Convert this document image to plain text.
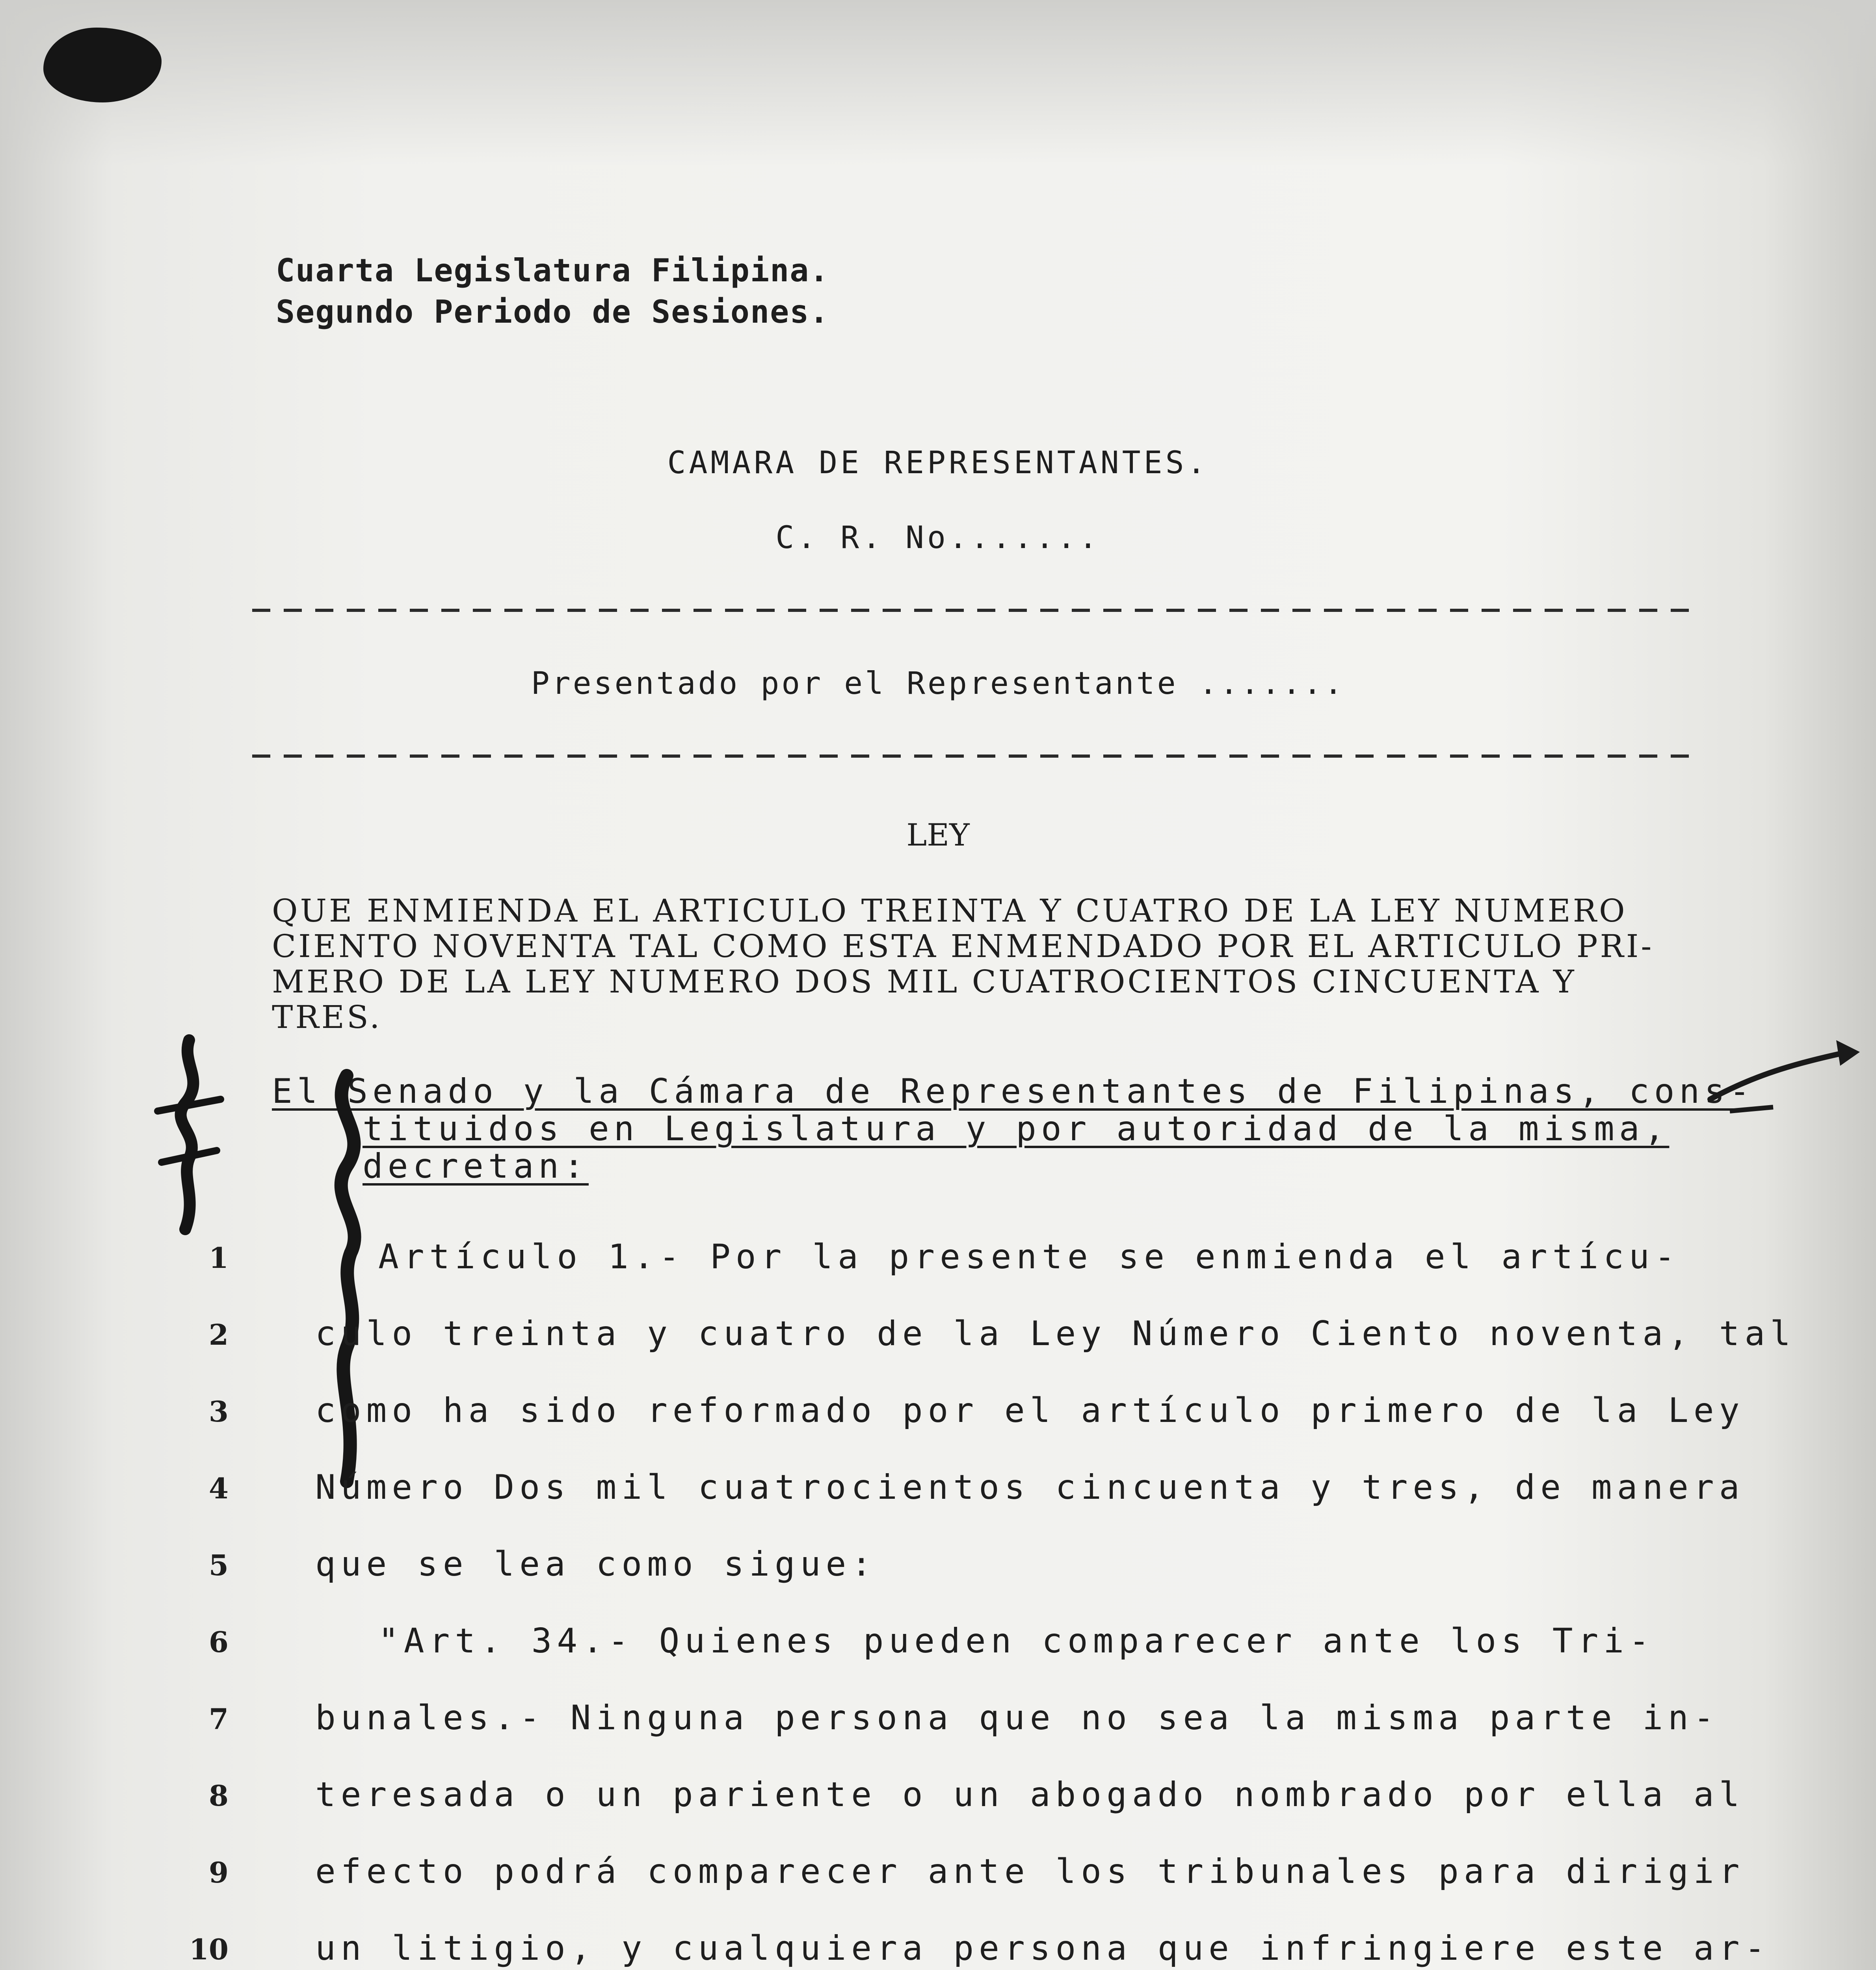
Cuarta Legislatura Filipina.
Segundo Periodo de Sesiones.
CAMARA DE REPRESENTANTES.
C. R. No.......
Presentado por el Representante .......
LEY
QUE ENMIENDA EL ARTICULO TREINTA Y CUATRO DE LA LEY NUMERO
CIENTO NOVENTA TAL COMO ESTA ENMENDADO POR EL ARTICULO PRI-
MERO DE LA LEY NUMERO DOS MIL CUATROCIENTOS CINCUENTA Y
TRES.
El Senado y la Cámara de Representantes de Filipinas, cons-
tituidos en Legislatura y por autoridad de la misma,
decretan:
1	Artículo 1.- Por la presente se enmienda el artícu-
2	culo treinta y cuatro de la Ley Número Ciento noventa, tal
3	como ha sido reformado por el artículo primero de la Ley
4	Número Dos mil cuatrocientos cincuenta y tres, de manera
5	que se lea como sigue:
6	"Art. 34.- Quienes pueden comparecer ante los Tri-
7	bunales.- Ninguna persona que no sea la misma parte in-
8	teresada o un pariente o un abogado nombrado por ella al
9	efecto podrá comparecer ante los tribunales para dirigir
10	un litigio, y cualquiera persona que infringiere este ar-
